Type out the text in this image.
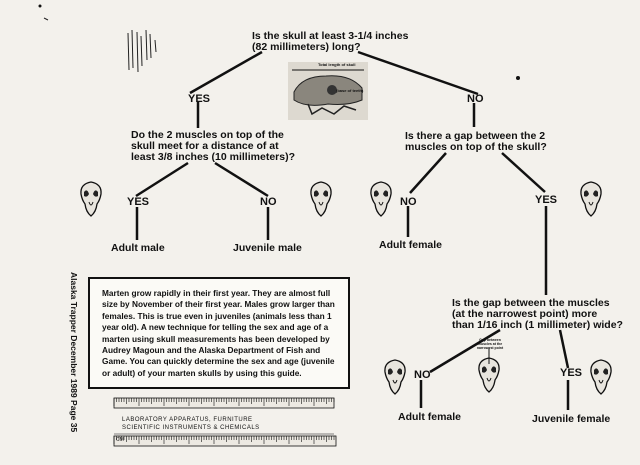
Is the skull at least 3-1/4 inches
(82 millimeters) long?
Total length of skull
(base of teeth)
YES	NO
Do the 2 muscles on top of the
skull meet for a distance of at
least 3/8 inches (10 millimeters)?
Is there a gap between the 2
muscles on top of the skull?
YES	NO	NO	YES
Adult male	Juvenile male	Adult female
Marten grow rapidly in their first year. They are almost full size by November of their first year. Males grow larger than females. This is true even in juveniles (animals less than 1 year old). A new technique for telling the sex and age of a marten using skull measurements has been developed by Audrey Magoun and the Alaska Department of Fish and Game. You can quickly determine the sex and age (juvenile or adult) of your marten skulls by using this guide.
Alaska Trapper December 1989 Page 35	Is the gap between the muscles
(at the narrowest point) more
than 1/16 inch (1 millimeter) wide?
Gap between muscles at the narrowest point
NO	YES
Adult female	Juvenile female
LABORATORY APPARATUS, FURNITURE
SCIENTIFIC INSTRUMENTS & CHEMICALS
CM
